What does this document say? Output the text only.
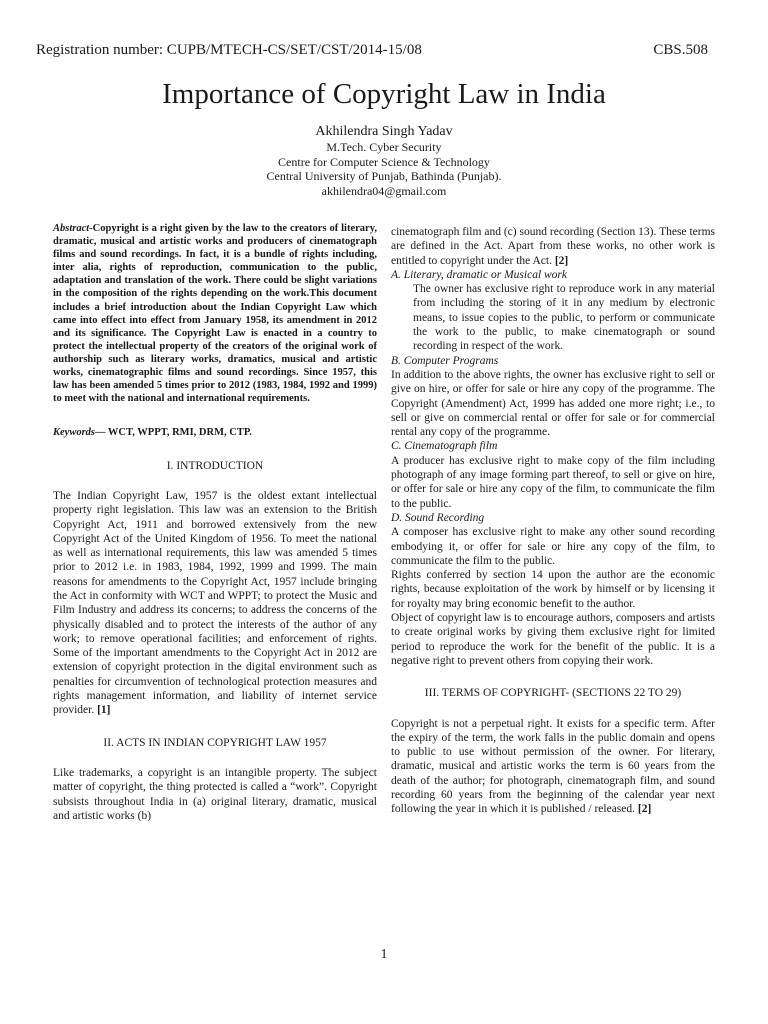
Registration number: CUPB/MTECH-CS/SET/CST/2014-15/08	CBS.508
Importance of Copyright Law in India
Akhilendra Singh Yadav
M.Tech. Cyber Security
Centre for Computer Science & Technology
Central University of Punjab, Bathinda (Punjab).
akhilendra04@gmail.com

Abstract-Copyright is a right given by the law to the creators of literary, dramatic, musical and artistic works and producers of cinematograph films and sound recordings. In fact, it is a bundle of rights including, inter alia, rights of reproduction, communication to the public, adaptation and translation of the work. There could be slight variations in the composition of the rights depending on the work.This document includes a brief introduction about the Indian Copyright Law which came into effect into effect from January 1958, its amendment in 2012 and its significance. The Copyright Law is enacted in a country to protect the intellectual property of the creators of the original work of authorship such as literary works, dramatics, musical and artistic works, cinematographic films and sound recordings. Since 1957, this law has been amended 5 times prior to 2012 (1983, 1984, 1992 and 1999) to meet with the national and international requirements.

Keywords— WCT, WPPT, RMI, DRM, CTP.

I. INTRODUCTION

The Indian Copyright Law, 1957 is the oldest extant intellectual property right legislation. This law was an extension to the British Copyright Act, 1911 and borrowed extensively from the new Copyright Act of the United Kingdom of 1956. To meet the national as well as international requirements, this law was amended 5 times prior to 2012 i.e. in 1983, 1984, 1992, 1999 and 1999. The main reasons for amendments to the Copyright Act, 1957 include bringing the Act in conformity with WCT and WPPT; to protect the Music and Film Industry and address its concerns; to address the concerns of the physically disabled and to protect the interests of the author of any work; to remove operational facilities; and enforcement of rights. Some of the important amendments to the Copyright Act in 2012 are extension of copyright protection in the digital environment such as penalties for circumvention of technological protection measures and rights management information, and liability of internet service provider. [1]

II. ACTS IN INDIAN COPYRIGHT LAW 1957

Like trademarks, a copyright is an intangible property. The subject matter of copyright, the thing protected is called a “work”. Copyright subsists throughout India in (a) original literary, dramatic, musical and artistic works (b)

cinematograph film and (c) sound recording (Section 13). These terms are defined in the Act. Apart from these works, no other work is entitled to copyright under the Act. [2]

A. Literary, dramatic or Musical work

The owner has exclusive right to reproduce work in any material from including the storing of it in any medium by electronic means, to issue copies to the public, to perform or communicate the work to the public, to make cinematograph or sound recording in respect of the work.

B. Computer Programs

In addition to the above rights, the owner has exclusive right to sell or give on hire, or offer for sale or hire any copy of the programme. The Copyright (Amendment) Act, 1999 has added one more right; i.e., to sell or give on commercial rental or offer for sale or for commercial rental any copy of the programme.

C. Cinematograph film

A producer has exclusive right to make copy of the film including photograph of any image forming part thereof, to sell or give on hire, or offer for sale or hire any copy of the film, to communicate the film to the public.

D. Sound Recording

A composer has exclusive right to make any other sound recording embodying it, or offer for sale or hire any copy of the film, to communicate the film to the public.

Rights conferred by section 14 upon the author are the economic rights, because exploitation of the work by himself or by licensing it for royalty may bring economic benefit to the author.

Object of copyright law is to encourage authors, composers and artists to create original works by giving them exclusive right for limited period to reproduce the work for the benefit of the public. It is a negative right to prevent others from copying their work.

III. TERMS OF COPYRIGHT- (SECTIONS 22 TO 29)

Copyright is not a perpetual right. It exists for a specific term. After the expiry of the term, the work falls in the public domain and opens to public to use without permission of the owner. For literary, dramatic, musical and artistic works the term is 60 years from the death of the author; for photograph, cinematograph film, and sound recording 60 years from the beginning of the calendar year next following the year in which it is published / released. [2]

1
